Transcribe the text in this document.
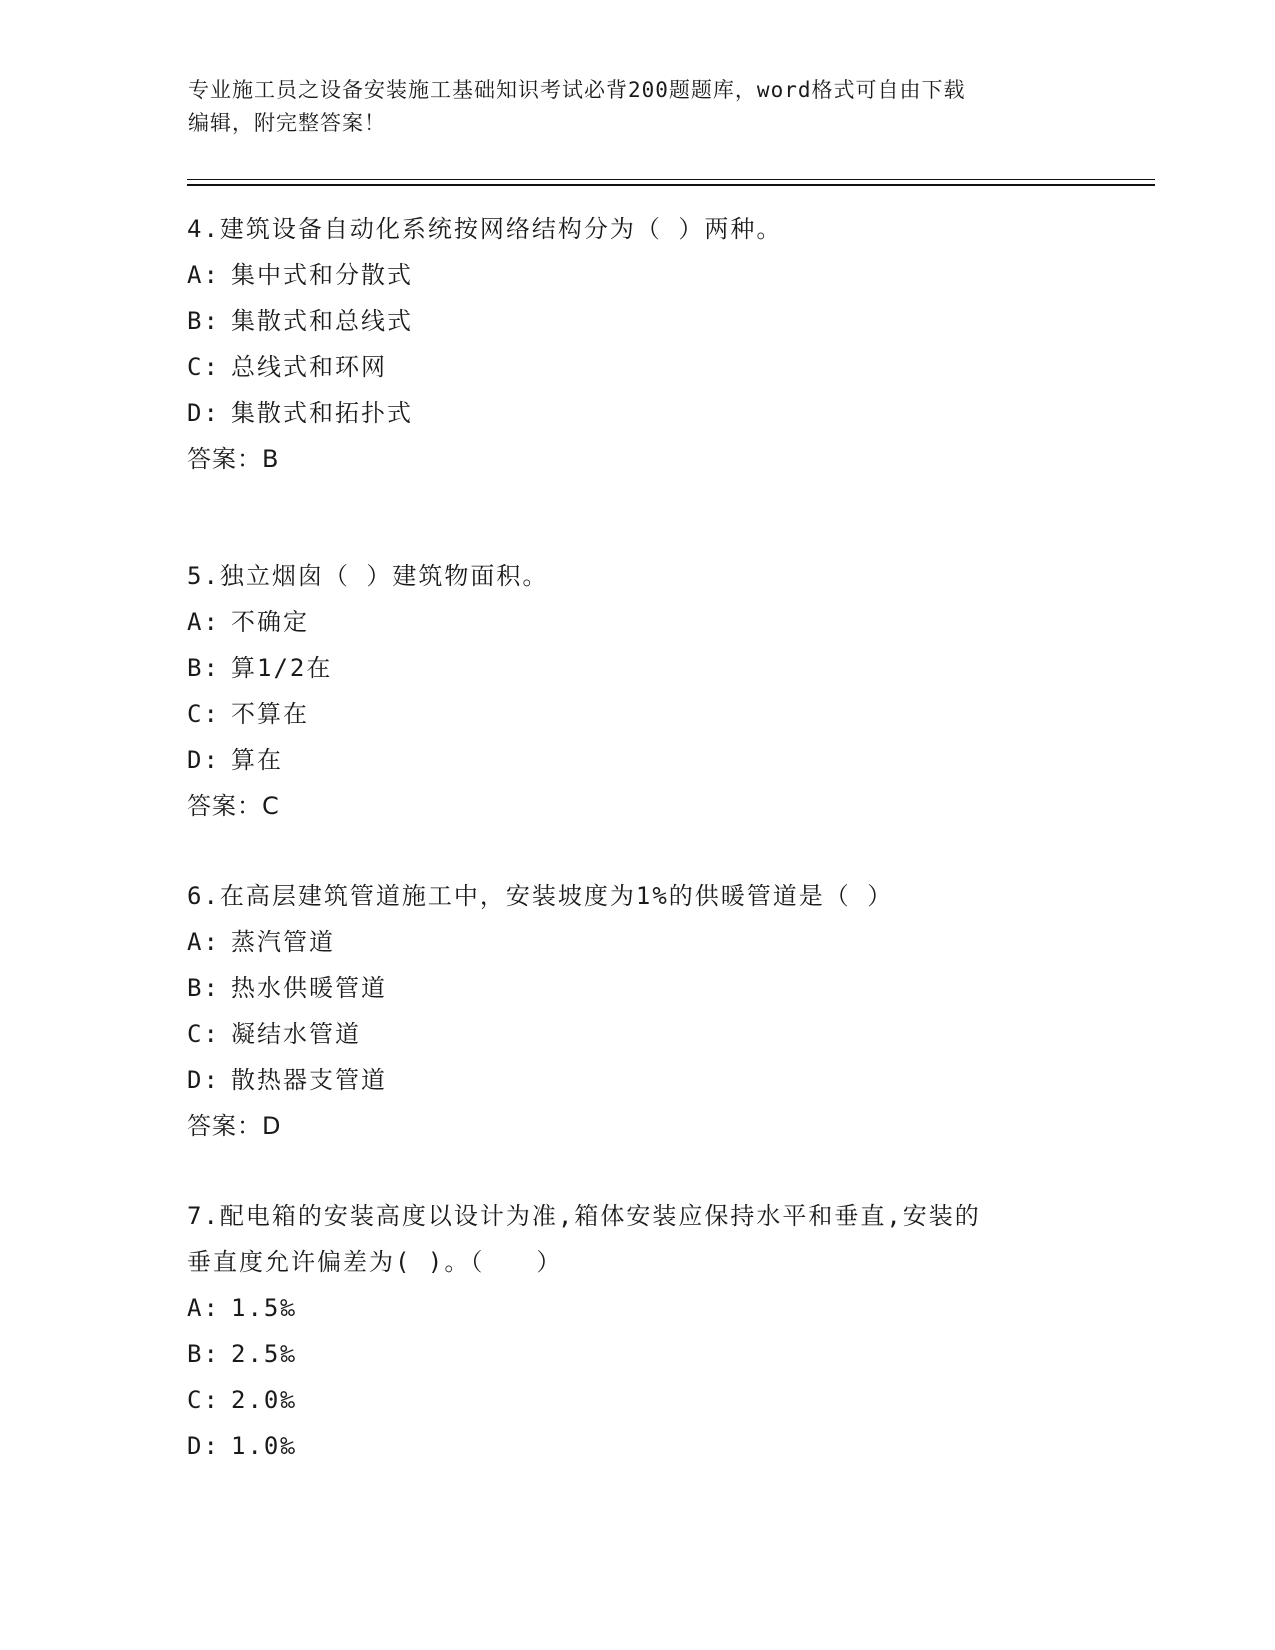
专业施工员之设备安装施工基础知识考试必背200题题库，word格式可自由下载
编辑，附完整答案！

4.建筑设备自动化系统按网络结构分为（ ）两种。

A: 集中式和分散式

B: 集散式和总线式

C: 总线式和环网

D: 集散式和拓扑式

答案：B

5.独立烟囱（ ）建筑物面积。

A: 不确定

B: 算1/2在

C: 不算在

D: 算在

答案：C

6.在高层建筑管道施工中，安装坡度为1%的供暖管道是（ ）

A: 蒸汽管道

B: 热水供暖管道

C: 凝结水管道

D: 散热器支管道

答案：D

7.配电箱的安装高度以设计为准,箱体安装应保持水平和垂直,安装的

垂直度允许偏差为( )。（　　）

A: 1.5‰

B: 2.5‰

C: 2.0‰

D: 1.0‰
